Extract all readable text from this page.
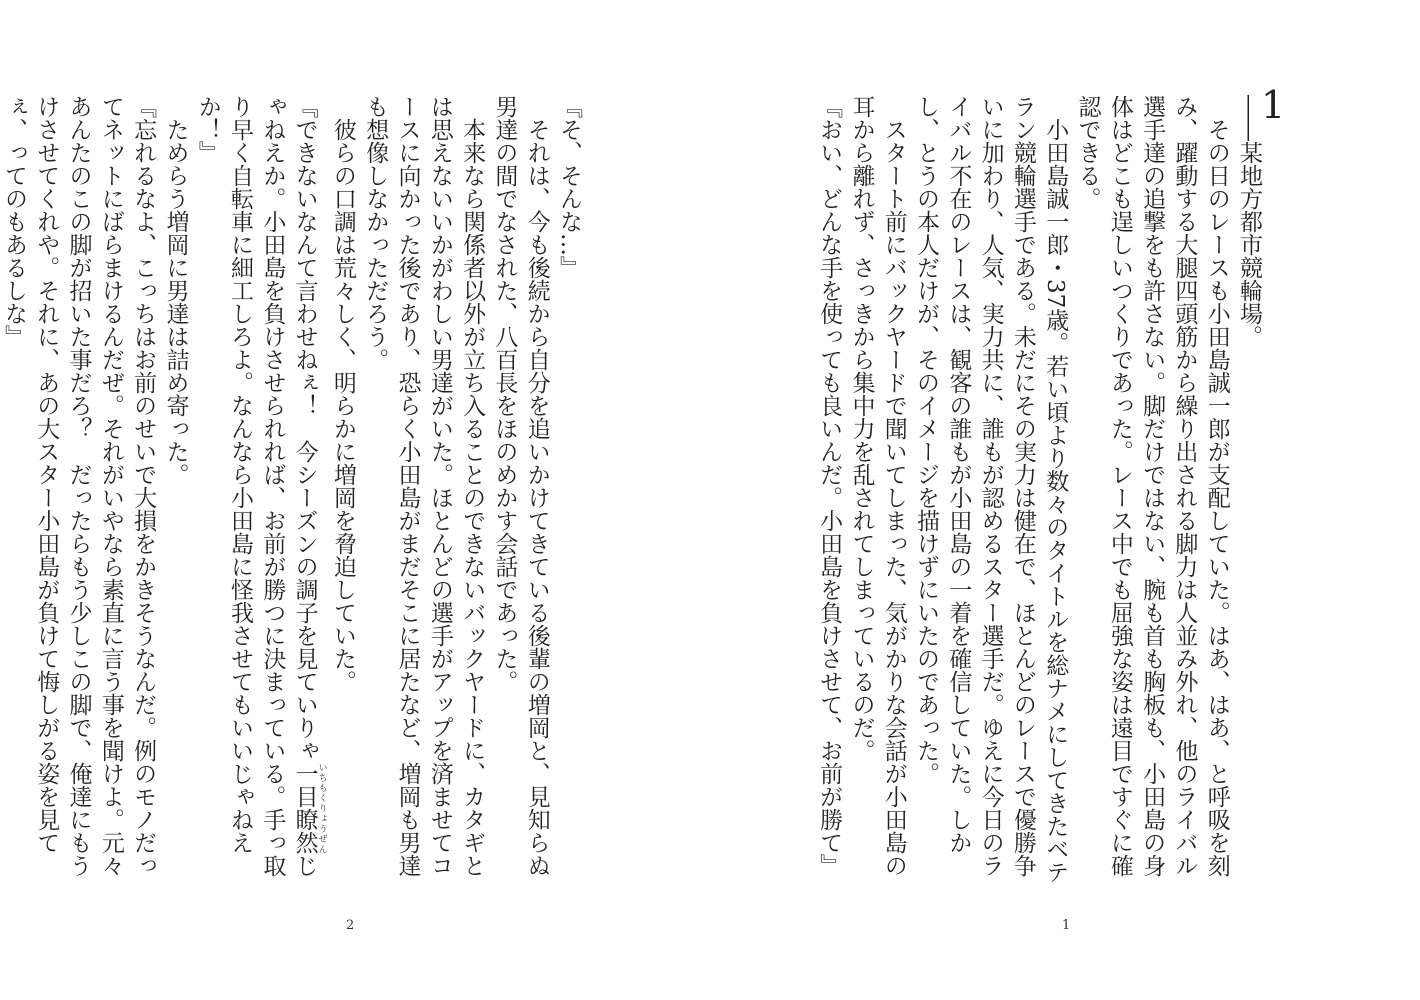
『そ、そんな…』

それは、今も後続から自分を追いかけてきている後輩の増岡と、見知らぬ男達の間でなされた、八百長をほのめかす会話であった。

本来なら関係者以外が立ち入ることのできないバックヤードに、カタギとは思えないいかがわしい男達がいた。ほとんどの選手がアップを済ませてコースに向かった後であり、恐らく小田島がまだそこに居たなど、増岡も男達も想像しなかっただろう。

彼らの口調は荒々しく、明らかに増岡を脅迫していた。

『できないなんて言わせねぇ！　今シーズンの調子を見ていりゃ一目瞭然 いちもくりょうぜんじゃねえか。小田島を負けさせられれば、お前が勝つに決まっている。手っ取り早く自転車に細工しろよ。なんなら小田島に怪我させてもいいじゃねえか！』

ためらう増岡に男達は詰め寄った。

『忘れるなよ、こっちはお前のせいで大損をかきそうなんだ。例のモノだってネットにばらまけるんだぜ。それがいやなら素直に言う事を聞けよ。元々あんたのこの脚が招いた事だろ？　だったらもう少しこの脚で、俺達にもうけさせてくれや。それに、あの大スター小田島が負けて悔しがる姿を見てぇ、ってのもあるしな』

2
1

――某地方都市競輪場。

その日のレースも小田島誠一郎が支配していた。はあ、はあ、と呼吸を刻み、躍動する大腿四頭筋から繰り出される脚力は人並み外れ、他のライバル選手達の追撃をも許さない。脚だけではない、腕も首も胸板も、小田島の身体はどこも逞しいつくりであった。レース中でも屈強な姿は遠目ですぐに確認できる。

小田島誠一郎・37歳。若い頃より数々のタイトルを総ナメにしてきたベテラン競輪選手である。未だにその実力は健在で、ほとんどのレースで優勝争いに加わり、人気、実力共に、誰もが認めるスター選手だ。ゆえに今日のライバル不在のレースは、観客の誰もが小田島の一着を確信していた。しかし、とうの本人だけが、そのイメージを描けずにいたのであった。

スタート前にバックヤードで聞いてしまった、気がかりな会話が小田島の耳から離れず、さっきから集中力を乱されてしまっているのだ。

『おい、どんな手を使っても良いんだ。小田島を負けさせて、お前が勝て』

1
